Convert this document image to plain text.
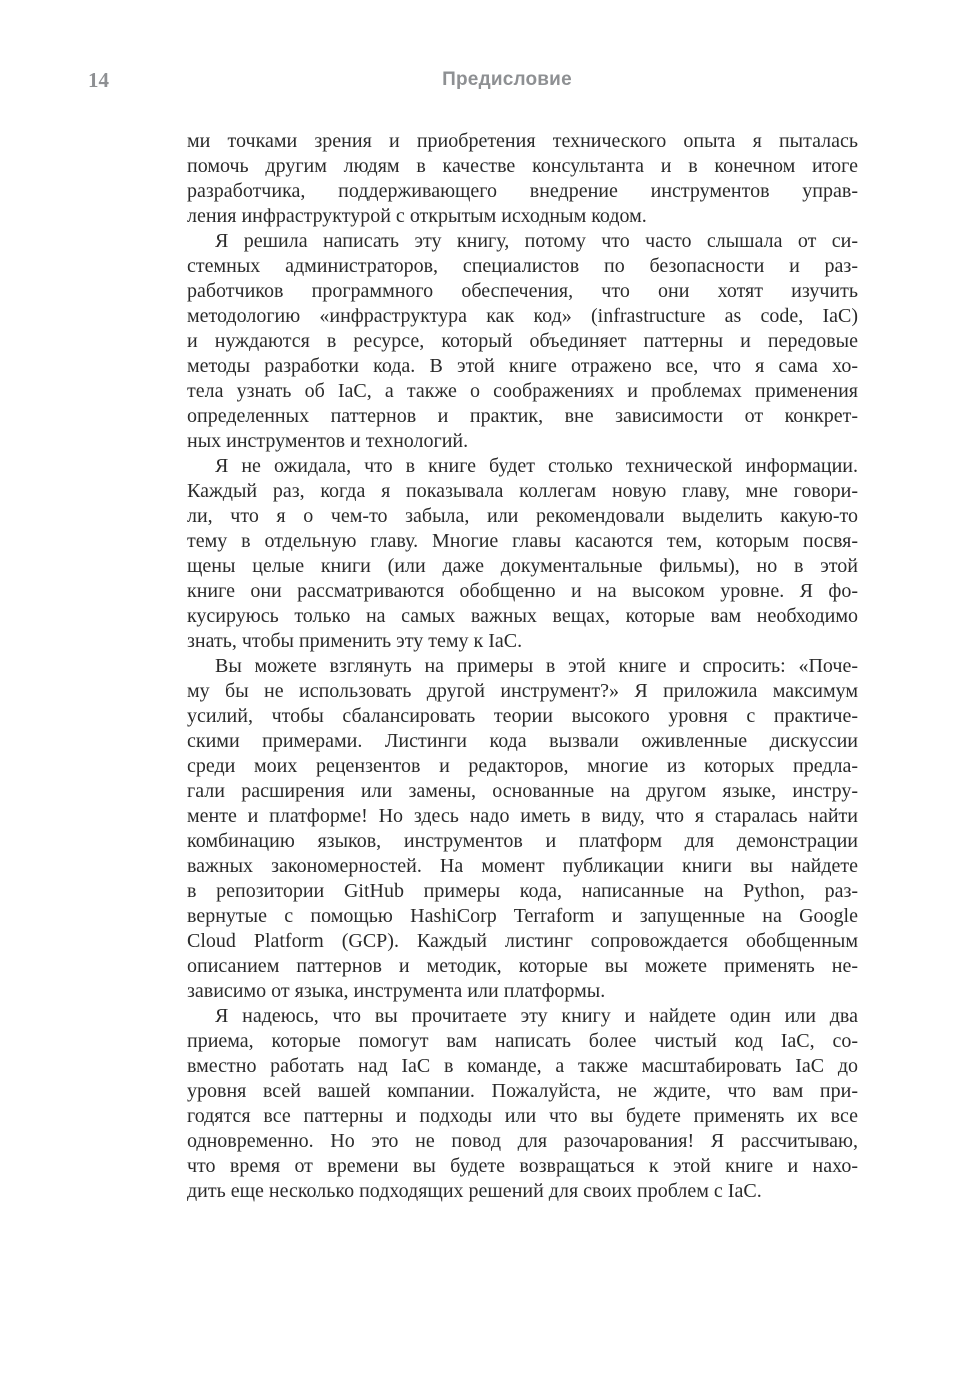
14	Предисловие
ми точками зрения и приобретения технического опыта я пыталась
помочь другим людям в качестве консультанта и в конечном итоге
разработчика, поддерживающего внедрение инструментов управ-
ления инфраструктурой с открытым исходным кодом.
Я решила написать эту книгу, потому что часто слышала от си-
стемных администраторов, специалистов по безопасности и раз-
работчиков программного обеспечения, что они хотят изучить
методологию «инфраструктура как код» (infrastructure as code, IaC)
и нуждаются в ресурсе, который объединяет паттерны и передовые
методы разработки кода. В этой книге отражено все, что я сама хо-
тела узнать об IaC, а также о соображениях и проблемах применения
определенных паттернов и практик, вне зависимости от конкрет-
ных инструментов и технологий.
Я не ожидала, что в книге будет столько технической информации.
Каждый раз, когда я показывала коллегам новую главу, мне говори-
ли, что я о чем-то забыла, или рекомендовали выделить какую-то
тему в отдельную главу. Многие главы касаются тем, которым посвя-
щены целые книги (или даже документальные фильмы), но в этой
книге они рассматриваются обобщенно и на высоком уровне. Я фо-
кусируюсь только на самых важных вещах, которые вам необходимо
знать, чтобы применить эту тему к IaC.
Вы можете взглянуть на примеры в этой книге и спросить: «Поче-
му бы не использовать другой инструмент?» Я приложила максимум
усилий, чтобы сбалансировать теории высокого уровня с практиче-
скими примерами. Листинги кода вызвали оживленные дискуссии
среди моих рецензентов и редакторов, многие из которых предла-
гали расширения или замены, основанные на другом языке, инстру-
менте и платформе! Но здесь надо иметь в виду, что я старалась найти
комбинацию языков, инструментов и платформ для демонстрации
важных закономерностей. На момент публикации книги вы найдете
в репозитории GitHub примеры кода, написанные на Python, раз-
вернутые с помощью HashiCorp Terraform и запущенные на Google
Cloud Platform (GCP). Каждый листинг сопровождается обобщенным
описанием паттернов и методик, которые вы можете применять не-
зависимо от языка, инструмента или платформы.
Я надеюсь, что вы прочитаете эту книгу и найдете один или два
приема, которые помогут вам написать более чистый код IaC, со-
вместно работать над IaC в команде, а также масштабировать IaC до
уровня всей вашей компании. Пожалуйста, не ждите, что вам при-
годятся все паттерны и подходы или что вы будете применять их все
одновременно. Но это не повод для разочарования! Я рассчитываю,
что время от времени вы будете возвращаться к этой книге и нахо-
дить еще несколько подходящих решений для своих проблем с IaC.
